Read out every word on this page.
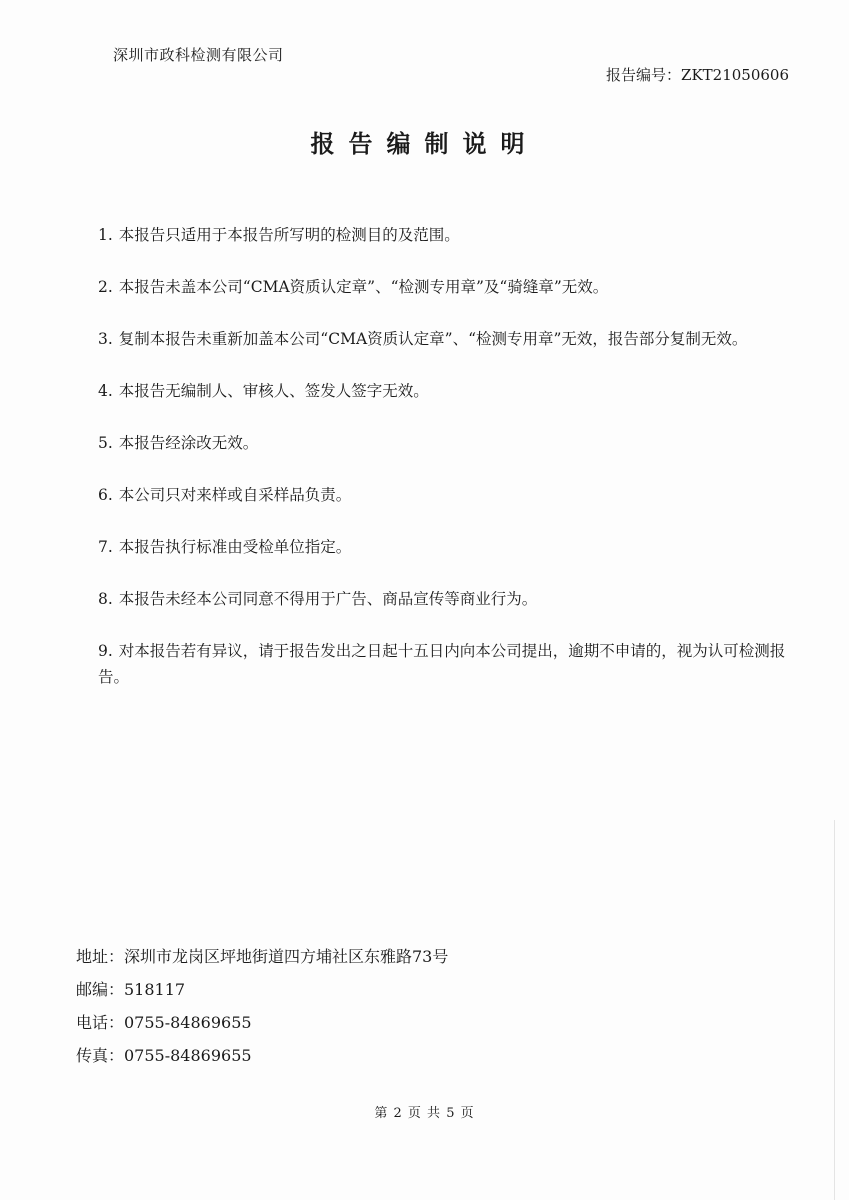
深圳市政科检测有限公司
报告编号：ZKT21050606
报告编制说明
1. 本报告只适用于本报告所写明的检测目的及范围。
2. 本报告未盖本公司“CMA资质认定章”、“检测专用章”及“骑缝章”无效。
3. 复制本报告未重新加盖本公司“CMA资质认定章”、“检测专用章”无效，报告部分复制无效。
4. 本报告无编制人、审核人、签发人签字无效。
5. 本报告经涂改无效。
6. 本公司只对来样或自采样品负责。
7. 本报告执行标准由受检单位指定。
8. 本报告未经本公司同意不得用于广告、商品宣传等商业行为。
9. 对本报告若有异议，请于报告发出之日起十五日内向本公司提出，逾期不申请的，视为认可检测报告。
地址：深圳市龙岗区坪地街道四方埔社区东雅路73号
邮编：518117
电话：0755-84869655
传真：0755-84869655
第 2 页 共 5 页
